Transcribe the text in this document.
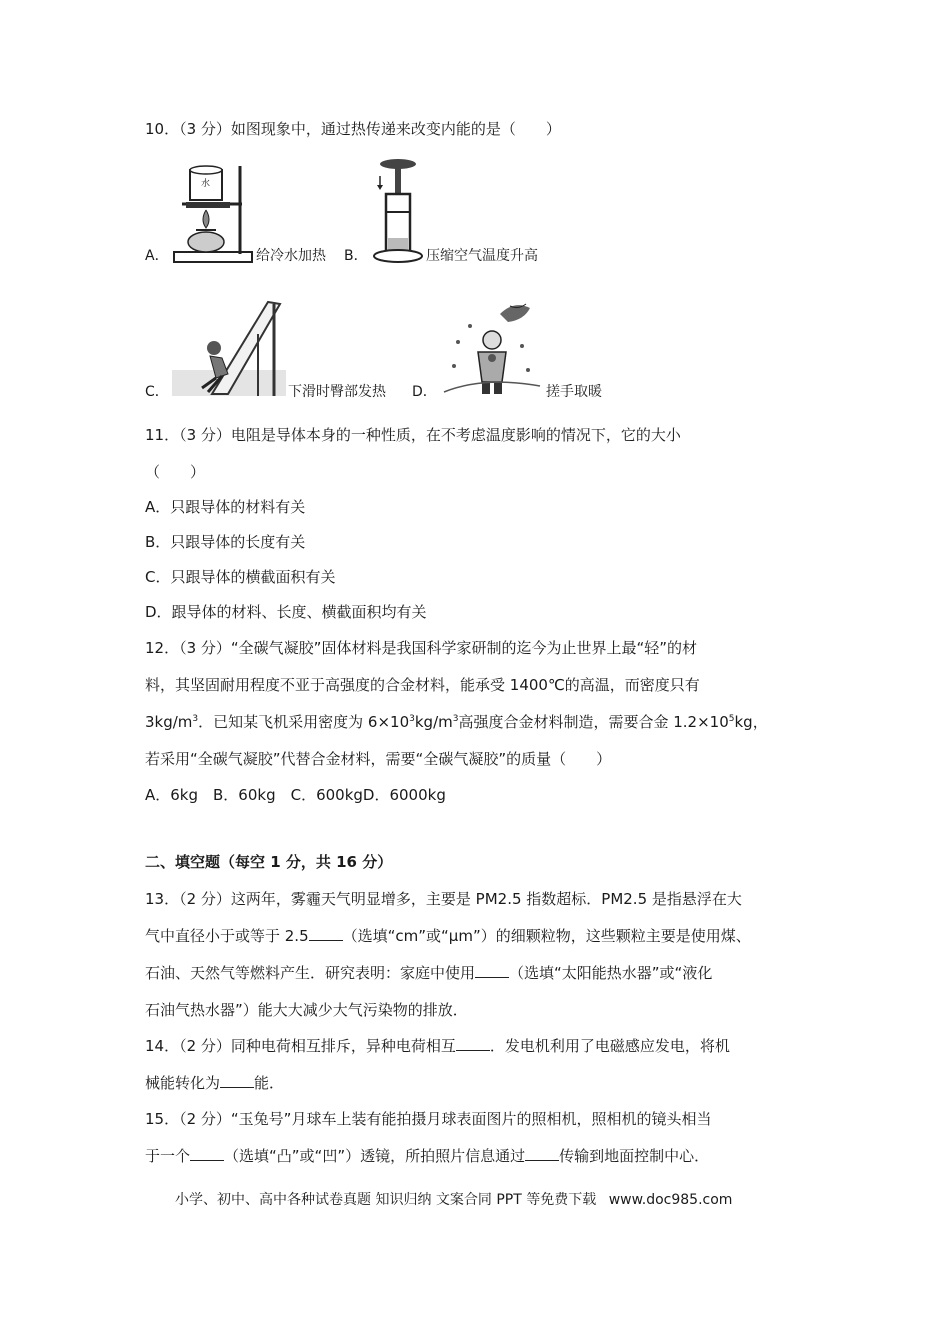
10．（3 分）如图现象中，通过热传递来改变内能的是（　　）
水
A．	给冷水加热 B．	压缩空气温度升高
C．	下滑时臀部发热 D．	搓手取暖
11．（3 分）电阻是导体本身的一种性质，在不考虑温度影响的情况下，它的大小
（　　）
A．只跟导体的材料有关
B．只跟导体的长度有关
C．只跟导体的横截面积有关
D．跟导体的材料、长度、横截面积均有关
12．（3 分）“全碳气凝胶”固体材料是我国科学家研制的迄今为止世界上最“轻”的材
料，其坚固耐用程度不亚于高强度的合金材料，能承受 1400℃的高温，而密度只有
$3kg/m^3$．已知某飞机采用密度为 $6\times 10^3kg/m^3$高强度合金材料制造，需要合金 $1.2\times 10^5kg$，
若采用“全碳气凝胶”代替合金材料，需要“全碳气凝胶”的质量（　　）
A．6kg　B．60kg　C．600kgD．6000kg
二、填空题（每空 1 分，共 16 分）
13．（2 分）这两年，雾霾天气明显增多，主要是 PM2.5 指数超标．PM2.5 是指悬浮在大
气中直径小于或等于 2.5 （选填“cm”或“μm”）的细颗粒物，这些颗粒主要是使用煤、
石油、天然气等燃料产生．研究表明：家庭中使用 （选填“太阳能热水器”或“液化
石油气热水器”）能大大减少大气污染物的排放．
14．（2 分）同种电荷相互排斥，异种电荷相互 ．发电机利用了电磁感应发电，将机
械能转化为 能．
15．（2 分）“玉兔号”月球车上装有能拍摄月球表面图片的照相机，照相机的镜头相当
于一个 （选填“凸”或“凹”）透镜，所拍照片信息通过 传输到地面控制中心．
小学、初中、高中各种试卷真题 知识归纳 文案合同 PPT 等免费下载 www.doc985.com
